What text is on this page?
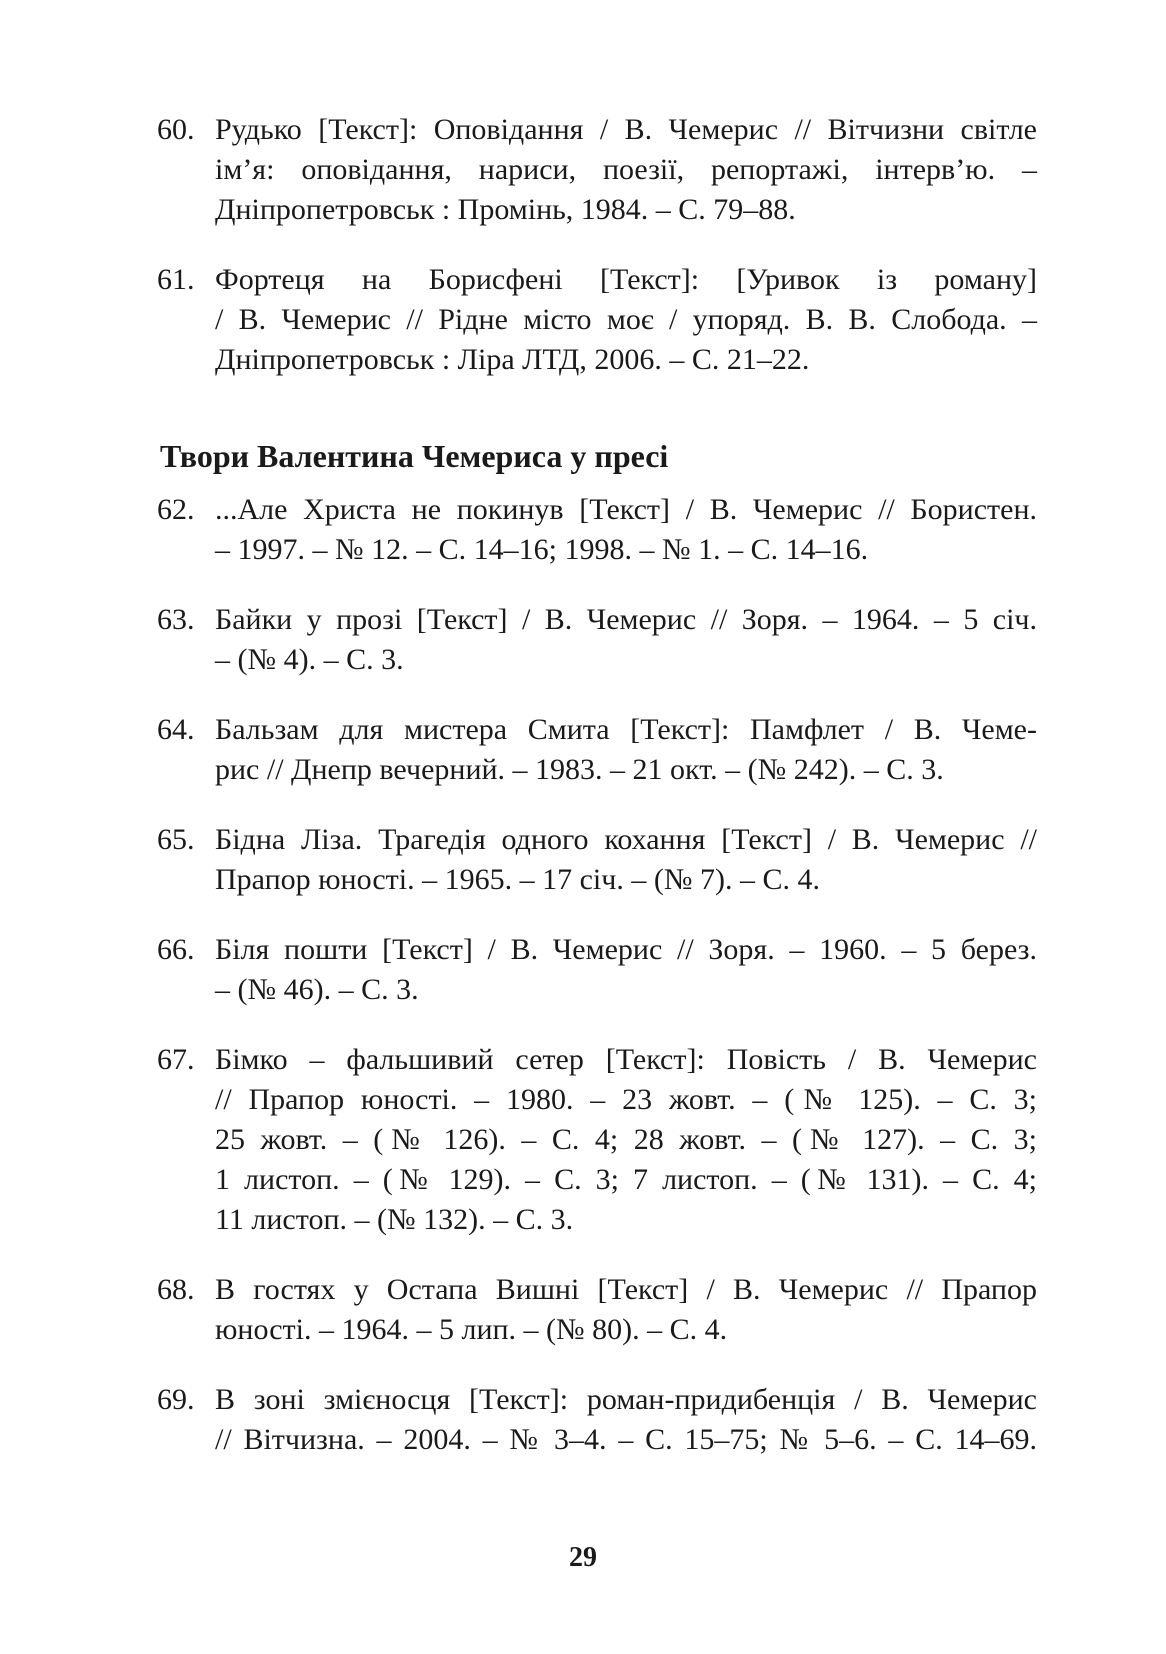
60. Рудько [Текст]: Оповідання / В. Чемерис // Вітчизни світле
ім’я: оповідання, нариси, поезії, репортажі, інтерв’ю. –
Дніпропетровськ : Промінь, 1984. – С. 79–88.
61. Фортеця на Борисфені [Текст]: [Уривок із роману]
/ В. Чемерис // Рідне місто моє / упоряд. В. В. Слобода. –
Дніпропетровськ : Ліра ЛТД, 2006. – С. 21–22.
Твори Валентина Чемериса у пресі
62. ...Але Христа не покинув [Текст] / В. Чемерис // Бористен.
– 1997. – № 12. – С. 14–16; 1998. – № 1. – С. 14–16.
63. Байки у прозі [Текст] / В. Чемерис // Зоря. – 1964. – 5 січ.
– (№ 4). – С. 3.
64. Бальзам для мистера Смита [Текст]: Памфлет / В. Чеме-
рис // Днепр вечерний. – 1983. – 21 окт. – (№ 242). – С. 3.
65. Бідна Ліза. Трагедія одного кохання [Текст] / В. Чемерис //
Прапор юності. – 1965. – 17 січ. – (№ 7). – С. 4.
66. Біля пошти [Текст] / В. Чемерис // Зоря. – 1960. – 5 берез.
– (№ 46). – С. 3.
67. Бімко – фальшивий сетер [Текст]: Повість / В. Чемерис
// Прапор юності. – 1980. – 23 жовт. – (№ 125). – С. 3;
25 жовт. – (№ 126). – С. 4; 28 жовт. – (№ 127). – С. 3;
1 листоп. – (№ 129). – С. 3; 7 листоп. – (№ 131). – С. 4;
11 листоп. – (№ 132). – С. 3.
68. В гостях у Остапа Вишні [Текст] / В. Чемерис // Прапор
юності. – 1964. – 5 лип. – (№ 80). – С. 4.
69. В зоні змієносця [Текст]: роман-придибенція / В. Чемерис
// Вітчизна. – 2004. – № 3–4. – С. 15–75; № 5–6. – С. 14–69.
29
